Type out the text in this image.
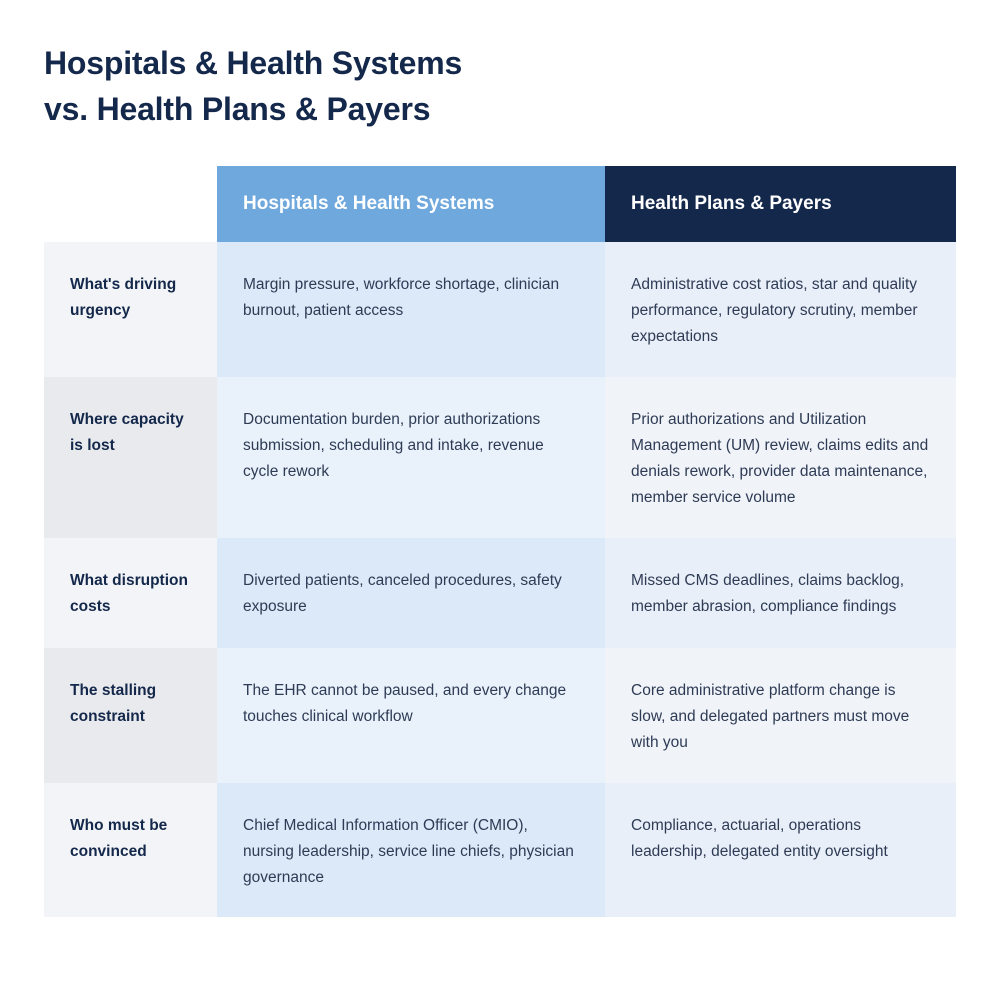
Hospitals & Health Systems
vs. Health Plans & Payers
Hospitals & Health Systems	Health Plans & Payers
What's driving urgency
Margin pressure, workforce shortage, clinician burnout, patient access
Administrative cost ratios, star and quality performance, regulatory scrutiny, member expectations
Where capacity is lost
Documentation burden, prior authorizations submission, scheduling and intake, revenue cycle rework
Prior authorizations and Utilization Management (UM) review, claims edits and denials rework, provider data maintenance, member service volume
What disruption costs
Diverted patients, canceled procedures, safety exposure
Missed CMS deadlines, claims backlog, member abrasion, compliance findings
The stalling constraint
The EHR cannot be paused, and every change touches clinical workflow
Core administrative platform change is slow, and delegated partners must move with you
Who must be convinced
Chief Medical Information Officer (CMIO), nursing leadership, service line chiefs, physician governance
Compliance, actuarial, operations leadership, delegated entity oversight
